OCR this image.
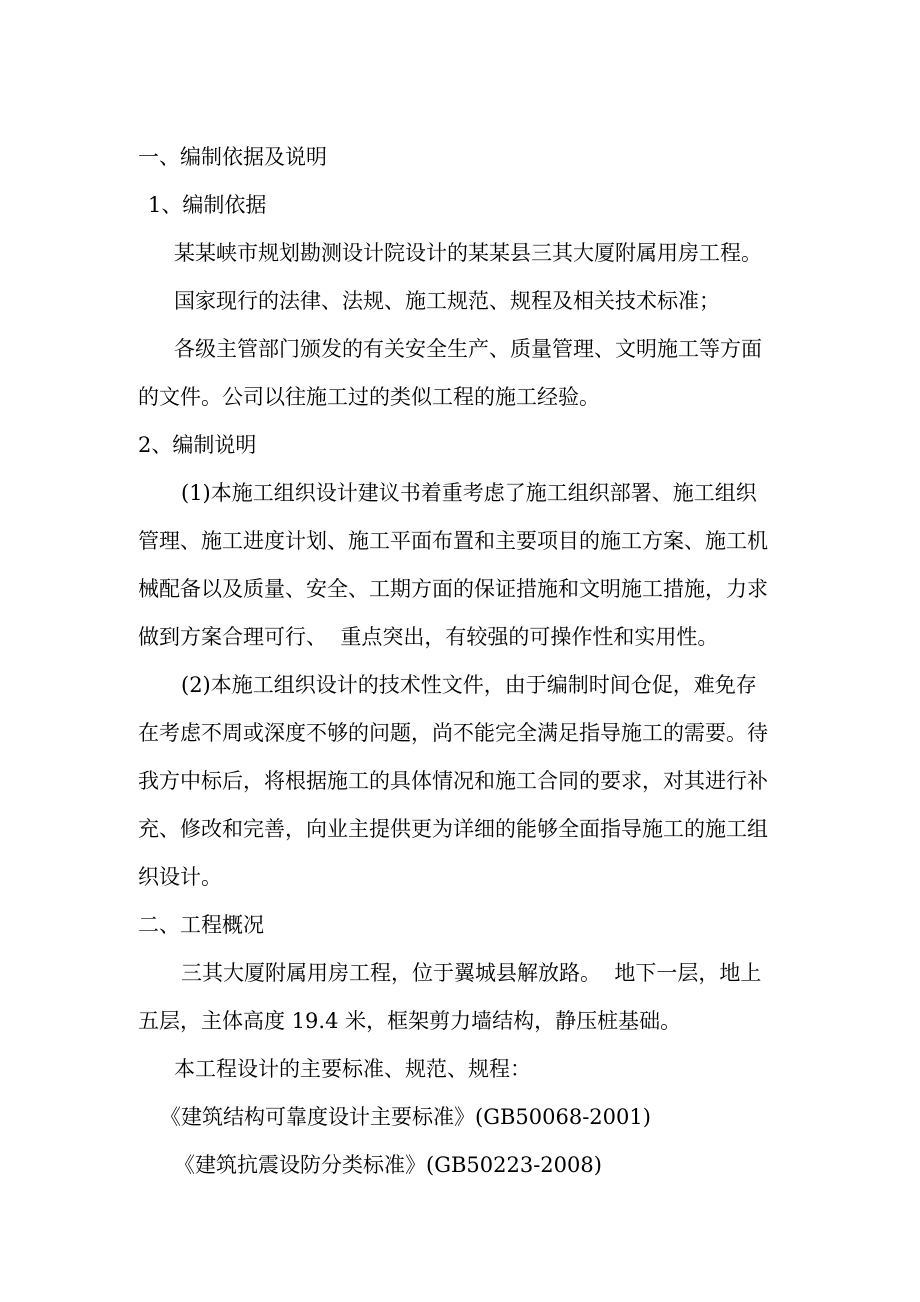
一、编制依据及说明
1、编制依据
某某峡市规划勘测设计院设计的某某县三其大厦附属用房工程。
国家现行的法律、法规、施工规范、规程及相关技术标准；
各级主管部门颁发的有关安全生产、质量管理、文明施工等方面
的文件。公司以往施工过的类似工程的施工经验。
2、编制说明
(1)本施工组织设计建议书着重考虑了施工组织部署、施工组织
管理、施工进度计划、施工平面布置和主要项目的施工方案、施工机
械配备以及质量、安全、工期方面的保证措施和文明施工措施，力求
做到方案合理可行、  重点突出，有较强的可操作性和实用性。
(2)本施工组织设计的技术性文件，由于编制时间仓促，难免存
在考虑不周或深度不够的问题，尚不能完全满足指导施工的需要。待
我方中标后，将根据施工的具体情况和施工合同的要求，对其进行补
充、修改和完善，向业主提供更为详细的能够全面指导施工的施工组
织设计。
二、工程概况
三其大厦附属用房工程，位于翼城县解放路。  地下一层，地上
五层，主体高度 19.4 米，框架剪力墙结构，静压桩基础。
本工程设计的主要标准、规范、规程：
《建筑结构可靠度设计主要标准》(GB50068-2001)
《建筑抗震设防分类标准》(GB50223-2008)
